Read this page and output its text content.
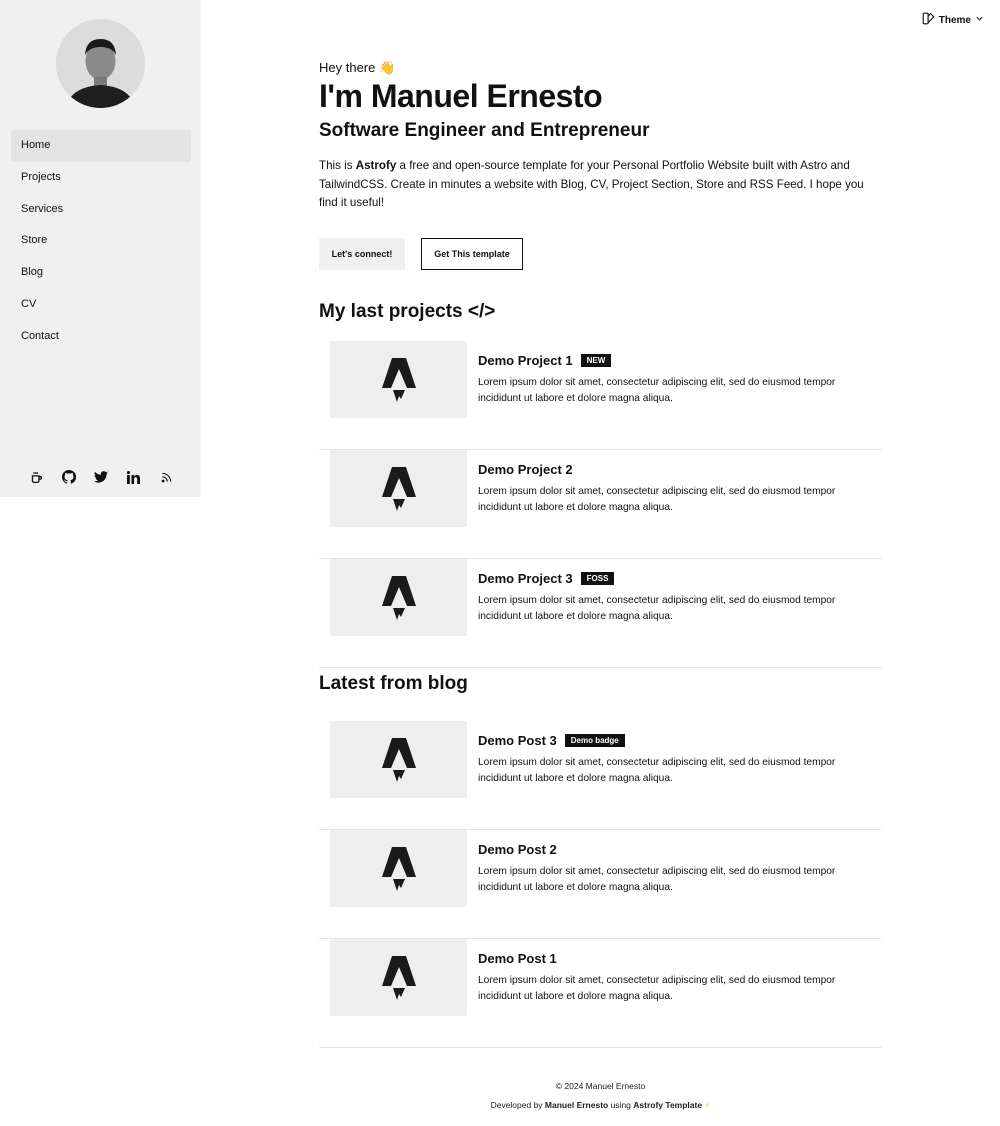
Home
Projects
Services
Store
Blog
CV
Contact
Theme
Hey there 👋
I'm Manuel Ernesto
Software Engineer and Entrepreneur

This is Astrofy a free and open-source template for your Personal Portfolio Website built with Astro and TailwindCSS. Create in minutes a website with Blog, CV, Project Section, Store and RSS Feed. I hope you find it useful!

Let's connect!	Get This template
My last projects </>
Demo Project 1	NEW

Lorem ipsum dolor sit amet, consectetur adipiscing elit, sed do eiusmod tempor incididunt ut labore et dolore magna aliqua.

Demo Project 2

Lorem ipsum dolor sit amet, consectetur adipiscing elit, sed do eiusmod tempor incididunt ut labore et dolore magna aliqua.

Demo Project 3	FOSS

Lorem ipsum dolor sit amet, consectetur adipiscing elit, sed do eiusmod tempor incididunt ut labore et dolore magna aliqua.

Latest from blog
Demo Post 3	Demo badge

Lorem ipsum dolor sit amet, consectetur adipiscing elit, sed do eiusmod tempor incididunt ut labore et dolore magna aliqua.

Demo Post 2

Lorem ipsum dolor sit amet, consectetur adipiscing elit, sed do eiusmod tempor incididunt ut labore et dolore magna aliqua.

Demo Post 1

Lorem ipsum dolor sit amet, consectetur adipiscing elit, sed do eiusmod tempor incididunt ut labore et dolore magna aliqua.

© 2024 Manuel Ernesto
Developed by Manuel Ernesto using Astrofy Template ⚡
